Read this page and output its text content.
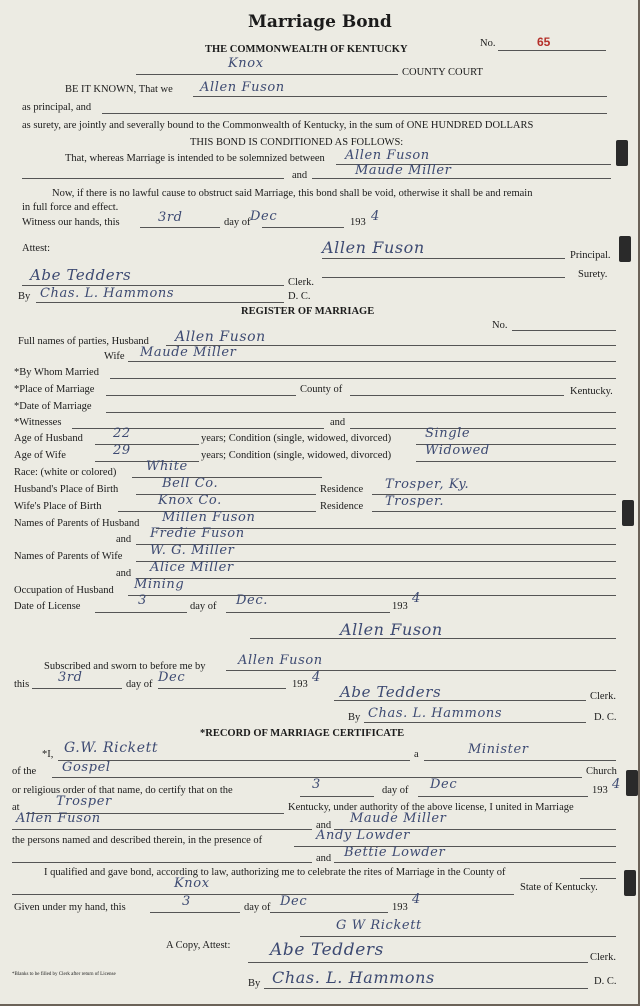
Marriage Bond
THE COMMONWEALTH OF KENTUCKY
No.	65
Knox
COUNTY COURT
BE IT KNOWN, That we Allen Fuson
as principal, and
as surety, are jointly and severally bound to the Commonwealth of Kentucky, in the sum of ONE HUNDRED DOLLARS
THIS BOND IS CONDITIONED AS FOLLOWS:
That, whereas Marriage is intended to be solemnized between Allen Fuson
and	Maude Miller
Now, if there is no lawful cause to obstruct said Marriage, this bond shall be void, otherwise it shall be and remain
in full force and effect.
Witness our hands, this	3rd	day of Dec	193 4
Attest:	Allen Fuson	Principal.
Surety.
Abe Tedders	Clerk.
By Chas. L. Hammons	D. C.
REGISTER OF MARRIAGE
No.
Full names of parties, Husband Allen Fuson
Wife Maude Miller
*By Whom Married
*Place of Marriage	County of	Kentucky.
*Date of Marriage
*Witnesses	and
Age of Husband 22	years; Condition (single, widowed, divorced)	Single
Age of Wife	29	years; Condition (single, widowed, divorced)	Widowed
Race: (white or colored) White
Husband's Place of Birth	Bell Co.	Residence Trosper, Ky.
Wife's Place of Birth	Knox Co.	Residence Trosper.
Names of Parents of Husband Millen Fuson
and Fredie Fuson
Names of Parents of Wife W. G. Miller
and Alice Miller
Occupation of Husband Mining
Date of License	3	day of Dec.	193
4
Allen Fuson
Subscribed and sworn to before me by Allen Fuson
this 3rd	day of Dec	193 4
Abe Tedders	Clerk.
By Chas. L. Hammons	D. C.
*RECORD OF MARRIAGE CERTIFICATE
*I, G.W. Rickett	a	Minister
of the Gospel	Church
or religious order of that name, do certify that on the	3	day of Dec	193 4
at	Trosper	Kentucky, under authority of the above license, I united in Marriage
Allen Fuson	and Maude Miller
the persons named and described therein, in the presence of	Andy Lowder
and Bettie Lowder
I qualified and gave bond, according to law, authorizing me to celebrate the rites of Marriage in the County of
Knox	State of Kentucky.
Given under my hand, this	3	day of Dec	193
4
G W Rickett
A Copy, Attest: Abe Tedders	Clerk.
By Chas. L. Hammons	D. C.
*Blanks to be filled by Clerk after return of License
